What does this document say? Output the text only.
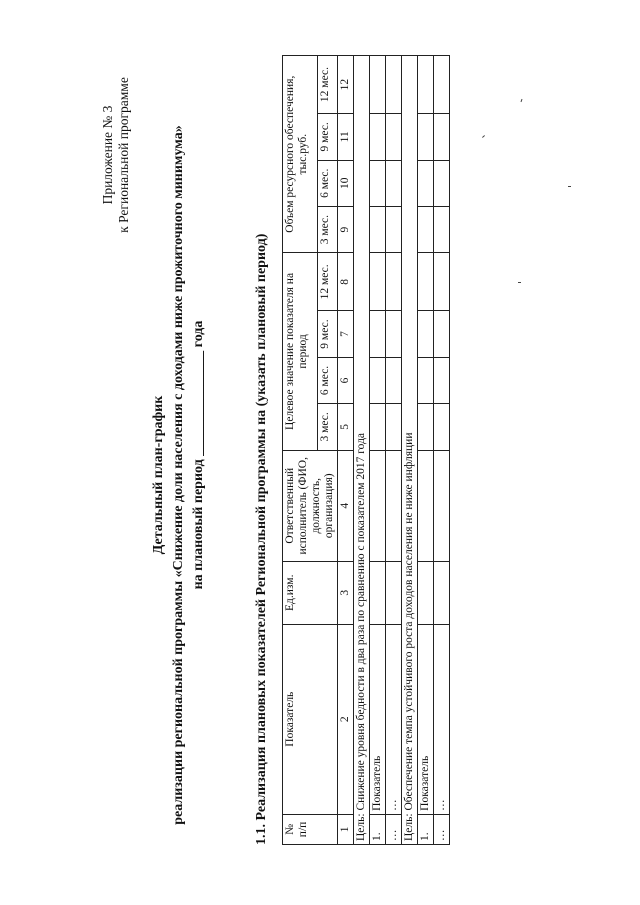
Приложение № 3 к Региональной программе
Детальный план-график реализации региональной программы «Снижение доли населения с доходами ниже прожиточного минимума» на плановый период _______________ года	1.1. Реализация плановых показателей Региональной программы на (указать плановый период) № п/п	Показатель	Ед.изм.	Ответственный исполнитель (ФИО, должность, организация)	Целевое значение показателя на период				Объем ресурсного обеспечения, тыс.руб.			
				3 мес.	6 мес.	9 мес.	12 мес.	3 мес.	6 мес.	9 мес.	12 мес.
1	2	3	4	5	6	7	8	9	10	11	12
Цель: Снижение уровня бедности в два раза по сравнению с показателем 2017 года											
1.	Показатель										
…	…										
Цель: Обеспечение темпа устойчивого роста доходов населения не ниже инфляции											
1.	Показатель										
…	…										
